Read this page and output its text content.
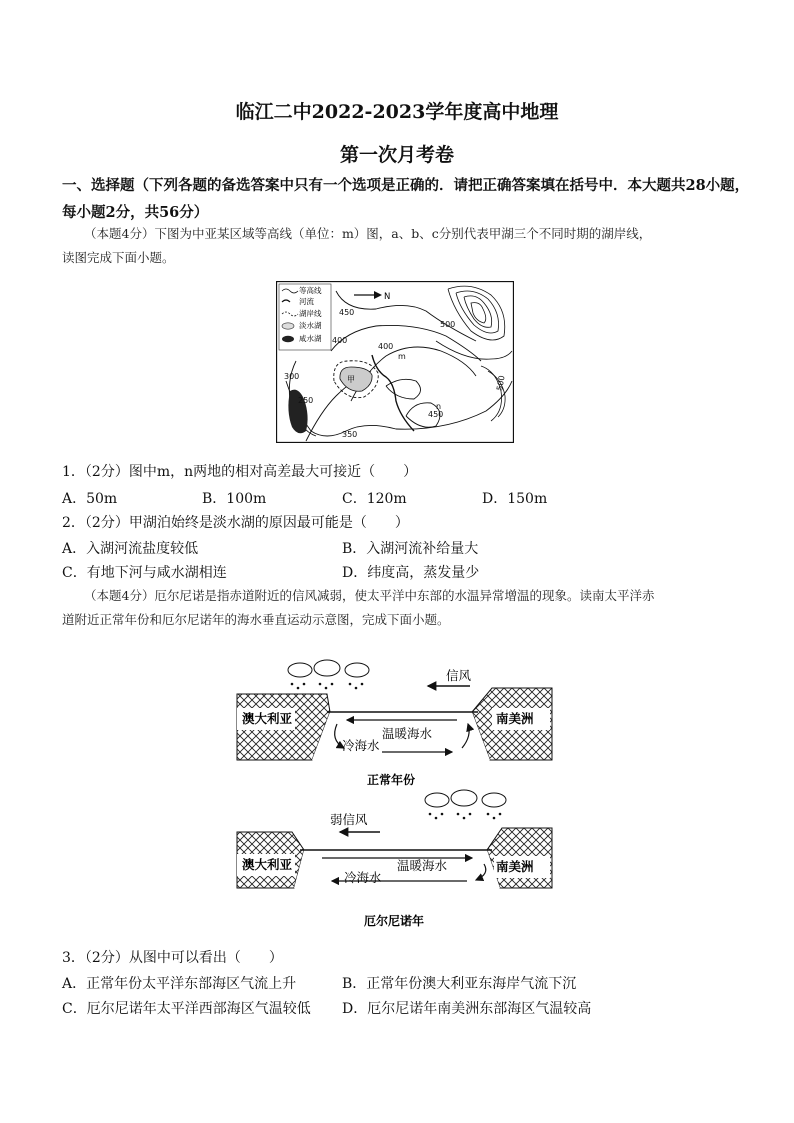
临江二中2022-2023学年度高中地理
第一次月考卷
一、选择题（下列各题的备选答案中只有一个选项是正确的．请把正确答案填在括号中．本大题共28小题，
每小题2分，共56分）
（本题4分）下图为中亚某区域等高线（单位：m）图，a、b、c分别代表甲湖三个不同时期的湖岸线，
读图完成下面小题。
等高线
河流
湖岸线
淡水湖
咸水湖
N
甲
450
500
400
400
m
300
250
n
450
350
500
1．（2分）图中m，n两地的相对高差最大可接近（　　）
A．50m	B．100m	C．120m	D．150m
2．（2分）甲湖泊始终是淡水湖的原因最可能是（　　）
A．入湖河流盐度较低	B．入湖河流补给量大
C．有地下河与咸水湖相连	D．纬度高，蒸发量少
（本题4分）厄尔尼诺是指赤道附近的信风减弱，使太平洋中东部的水温异常增温的现象。读南太平洋赤
道附近正常年份和厄尔尼诺年的海水垂直运动示意图，完成下面小题。
信风
澳大利亚	南美洲
温暖海水
冷海水
正常年份
弱信风
澳大利亚	南美洲
温暖海水
冷海水
厄尔尼诺年
3．（2分）从图中可以看出（　　）
A．正常年份太平洋东部海区气流上升	B．正常年份澳大利亚东海岸气流下沉
C．厄尔尼诺年太平洋西部海区气温较低 D．厄尔尼诺年南美洲东部海区气温较高
